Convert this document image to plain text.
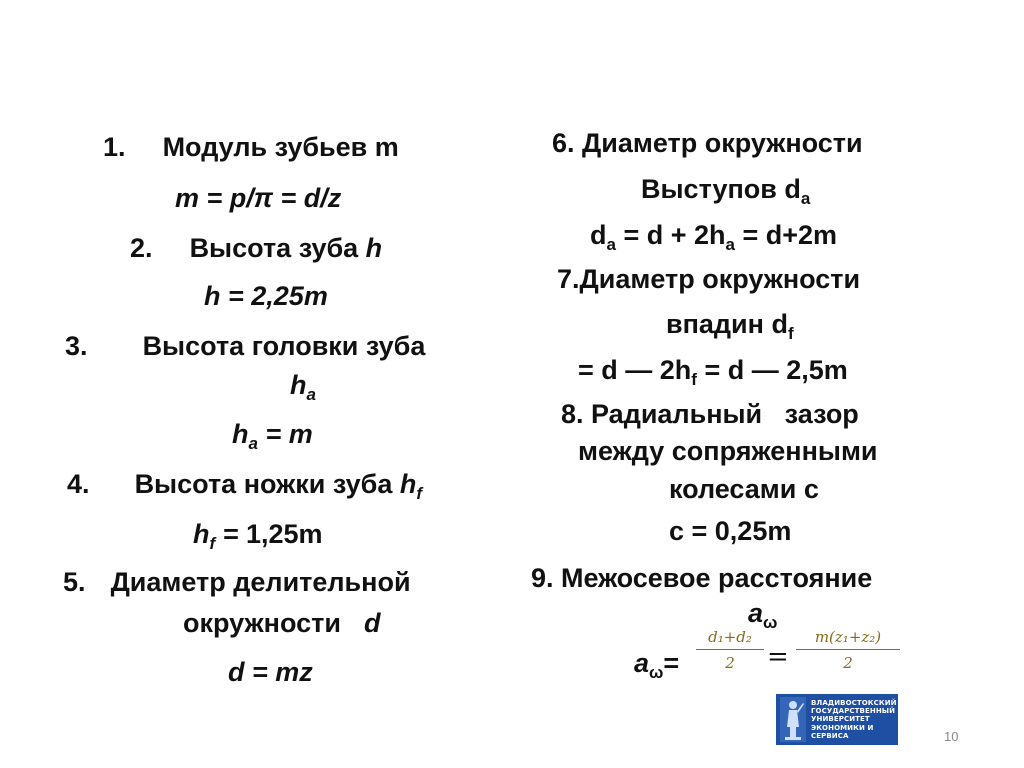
1. Модуль зубьев m
m = p/π = d/z
2. Высота зуба h
h = 2,25m
3. Высота головки зуба
$h_a$
$h_a = m$
4. Высота ножки зуба $h_f$
$h_f = 1,25m$
5. Диаметр делительной
окружности d
d = mz
6. Диаметр окружности
Выступов $d_a$
$d_a = d + 2h_a = d+2m$
7.Диаметр окружности
впадин $d_f$
= d — $2h_f = d$ — 2,5m
8. Радиальный   зазор
между сопряженными
колесами с
с = 0,25m
9. Межосевое расстояние
$a_\omega$
$a_\omega=$
d₁+d₂
2	=
m(z₁+z₂)
2
ВЛАДИВОСТОКСКИЙ
ГОСУДАРСТВЕННЫЙ
УНИВЕРСИТЕТ
ЭКОНОМИКИ И
СЕРВИСА	10
